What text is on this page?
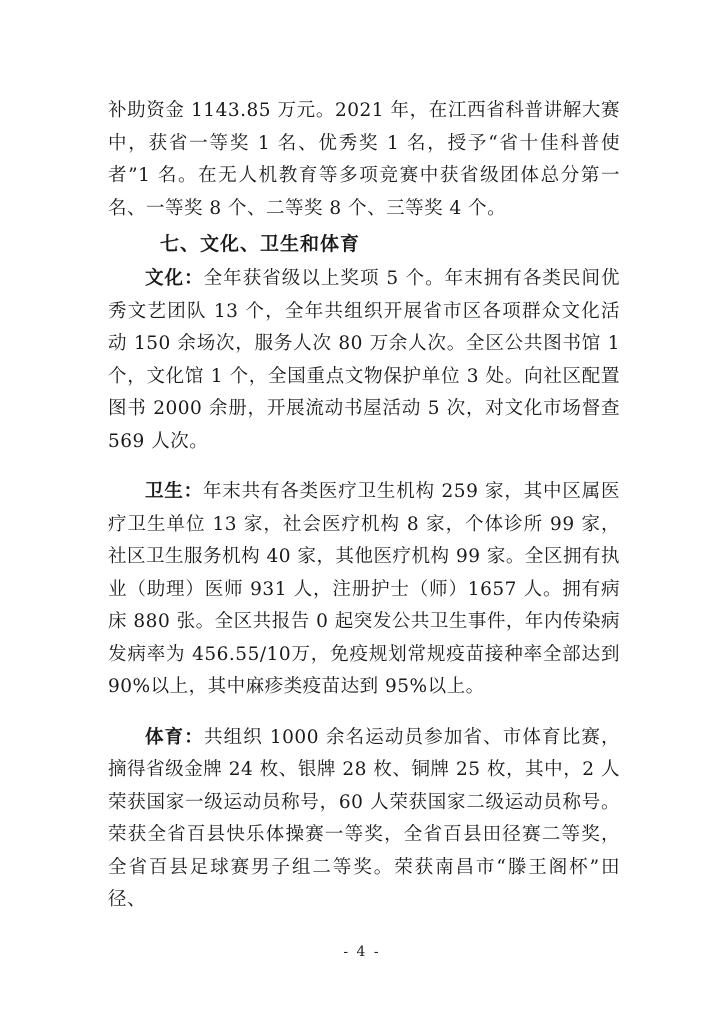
补助资金 1143.85 万元。2021 年，在江西省科普讲解大赛中，获省一等奖 1 名、优秀奖 1 名，授予“省十佳科普使者”1 名。在无人机教育等多项竞赛中获省级团体总分第一名、一等奖 8 个、二等奖 8 个、三等奖 4 个。

七、文化、卫生和体育

文化：全年获省级以上奖项 5 个。年末拥有各类民间优秀文艺团队 13 个，全年共组织开展省市区各项群众文化活动 150 余场次，服务人次 80 万余人次。全区公共图书馆 1 个，文化馆 1 个，全国重点文物保护单位 3 处。向社区配置图书 2000 余册，开展流动书屋活动 5 次，对文化市场督查 569 人次。

卫生：年末共有各类医疗卫生机构 259 家，其中区属医疗卫生单位 13 家，社会医疗机构 8 家，个体诊所 99 家，社区卫生服务机构 40 家，其他医疗机构 99 家。全区拥有执业（助理）医师 931 人，注册护士（师）1657 人。拥有病床 880 张。全区共报告 0 起突发公共卫生事件，年内传染病发病率为 456.55/10万，免疫规划常规疫苗接种率全部达到 90%以上，其中麻疹类疫苗达到 95%以上。

体育：共组织 1000 余名运动员参加省、市体育比赛，摘得省级金牌 24 枚、银牌 28 枚、铜牌 25 枚，其中，2 人荣获国家一级运动员称号，60 人荣获国家二级运动员称号。荣获全省百县快乐体操赛一等奖，全省百县田径赛二等奖，全省百县足球赛男子组二等奖。荣获南昌市“滕王阁杯”田径、

- 4 -
